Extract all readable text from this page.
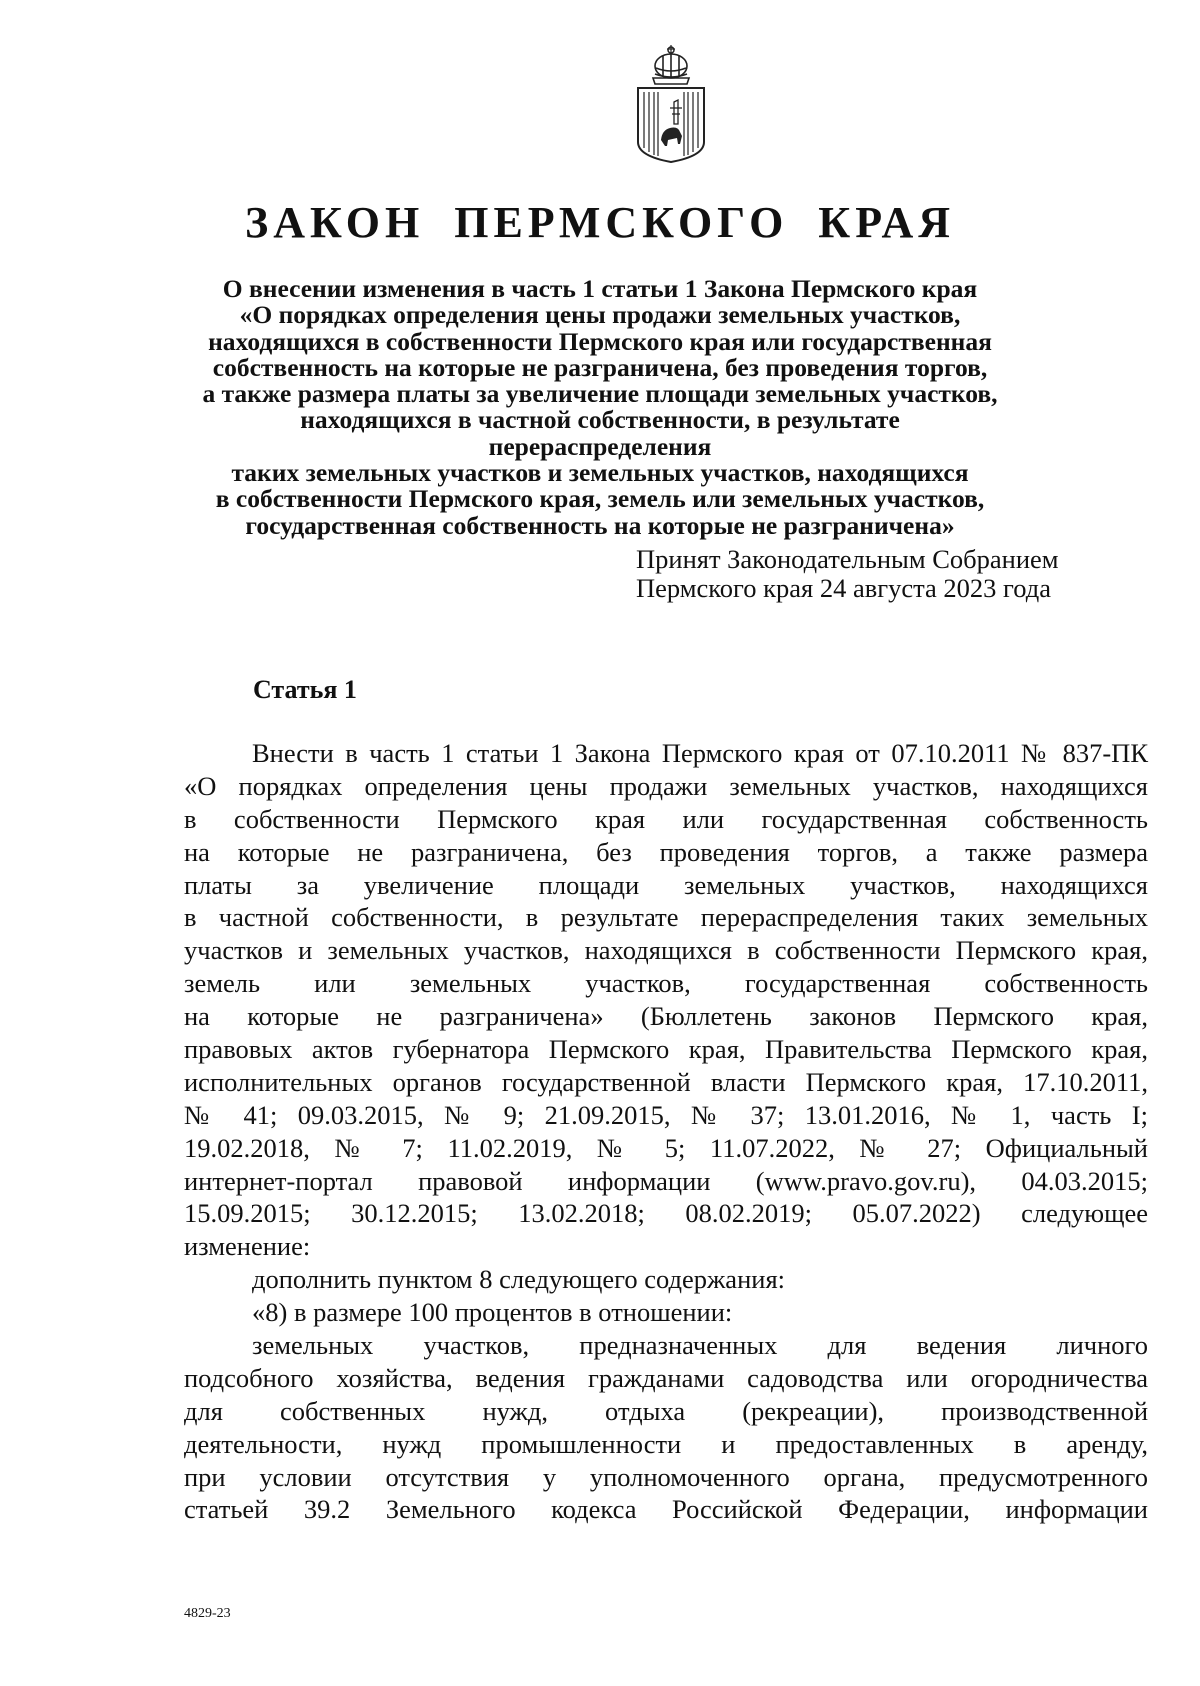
ЗАКОН ПЕРМСКОГО КРАЯ
О внесении изменения в часть 1 статьи 1 Закона Пермского края
«О порядках определения цены продажи земельных участков,
находящихся в собственности Пермского края или государственная
собственность на которые не разграничена, без проведения торгов,
а также размера платы за увеличение площади земельных участков,
находящихся в частной собственности, в результате перераспределения
таких земельных участков и земельных участков, находящихся
в собственности Пермского края, земель или земельных участков,
государственная собственность на которые не разграничена»
Принят Законодательным Собранием
Пермского края 24 августа 2023 года
Статья 1
Внести в часть 1 статьи 1 Закона Пермского края от 07.10.2011 № 837-ПК
«О порядках определения цены продажи земельных участков, находящихся
в собственности Пермского края или государственная собственность
на которые не разграничена, без проведения торгов, а также размера
платы за увеличение площади земельных участков, находящихся
в частной собственности, в результате перераспределения таких земельных
участков и земельных участков, находящихся в собственности Пермского края,
земель или земельных участков, государственная собственность
на которые не разграничена» (Бюллетень законов Пермского края,
правовых актов губернатора Пермского края, Правительства Пермского края,
исполнительных органов государственной власти Пермского края, 17.10.2011,
№ 41; 09.03.2015, № 9; 21.09.2015, № 37; 13.01.2016, № 1, часть I;
19.02.2018, № 7; 11.02.2019, № 5; 11.07.2022, № 27; Официальный
интернет-портал правовой информации (www.pravo.gov.ru), 04.03.2015;
15.09.2015; 30.12.2015; 13.02.2018; 08.02.2019; 05.07.2022) следующее
изменение:
дополнить пунктом 8 следующего содержания:
«8) в размере 100 процентов в отношении:
земельных участков, предназначенных для ведения личного
подсобного хозяйства, ведения гражданами садоводства или огородничества
для собственных нужд, отдыха (рекреации), производственной
деятельности, нужд промышленности и предоставленных в аренду,
при условии отсутствия у уполномоченного органа, предусмотренного
статьей 39.2 Земельного кодекса Российской Федерации, информации

4829-23
